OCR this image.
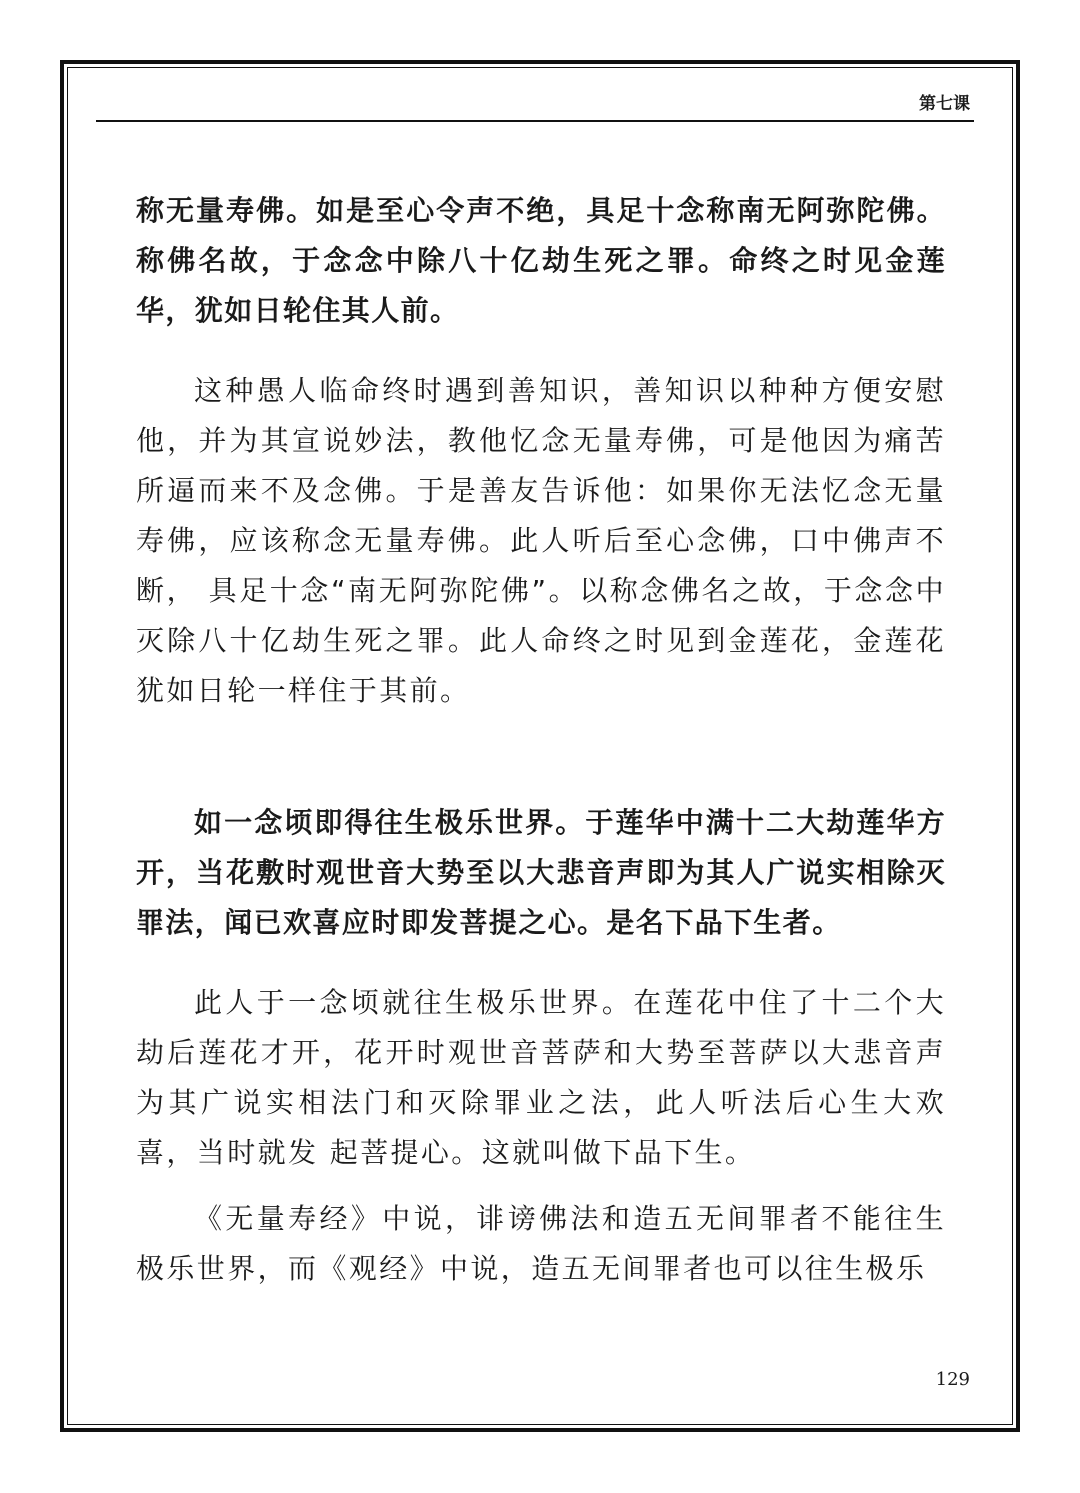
第七课

称无量寿佛。如是至心令声不绝，具足十念称南无阿弥陀佛。称佛名故，于念念中除八十亿劫生死之罪。命终之时见金莲华，犹如日轮住其人前。

这种愚人临命终时遇到善知识，善知识以种种方便安慰他，并为其宣说妙法，教他忆念无量寿佛，可是他因为痛苦所逼而来不及念佛。于是善友告诉他：如果你无法忆念无量寿佛，应该称念无量寿佛。此人听后至心念佛，口中佛声不断， 具足十念“南无阿弥陀佛”。以称念佛名之故，于念念中灭除八十亿劫生死之罪。此人命终之时见到金莲花，金莲花犹如日轮一样住于其前。

如一念顷即得往生极乐世界。于莲华中满十二大劫莲华方开，当花敷时观世音大势至以大悲音声即为其人广说实相除灭罪法，闻已欢喜应时即发菩提之心。是名下品下生者。

此人于一念顷就往生极乐世界。在莲花中住了十二个大劫后莲花才开，花开时观世音菩萨和大势至菩萨以大悲音声为其广说实相法门和灭除罪业之法，此人听法后心生大欢喜，当时就发 起菩提心。这就叫做下品下生。

《无量寿经》中说，诽谤佛法和造五无间罪者不能往生极乐世界，而《观经》中说，造五无间罪者也可以往生极乐

129
